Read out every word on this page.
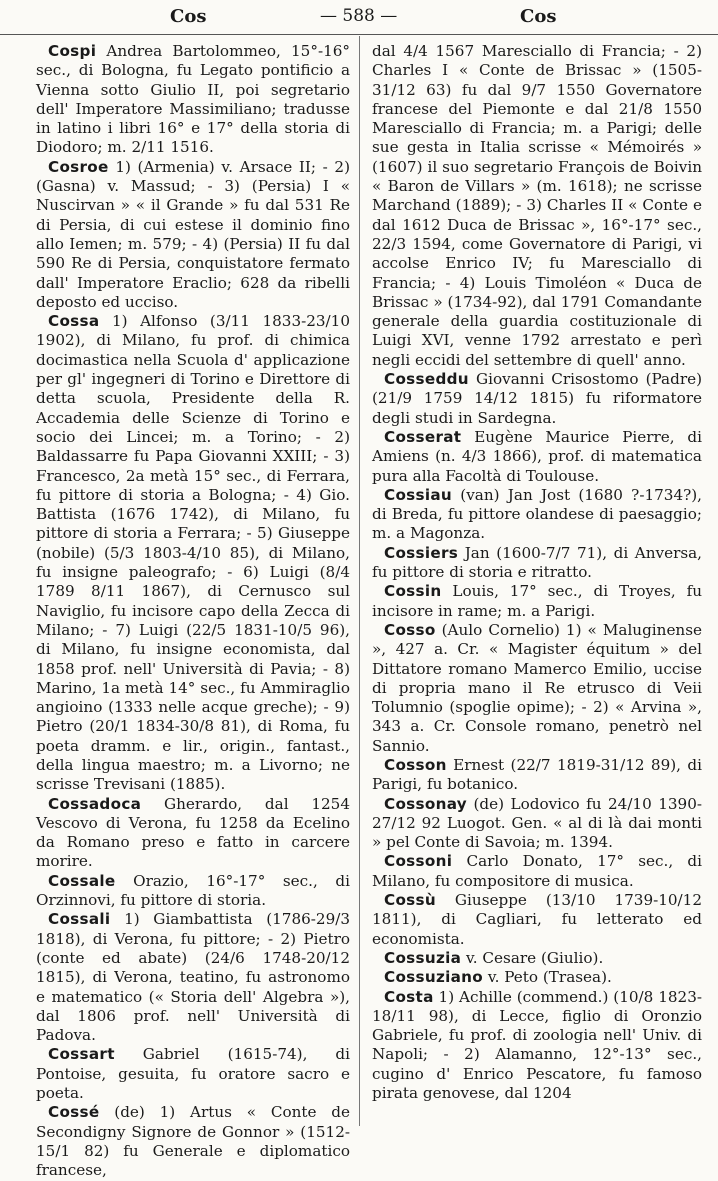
Cos	— 588 —	Cos

Cospi Andrea Bartolommeo, 15°-16° sec., di Bologna, fu Legato pontificio a Vienna sotto Giulio II, poi segretario dell' Imperatore Massimiliano; tradusse in latino i libri 16° e 17° della storia di Diodoro; m. 2/11 1516.

Cosroe 1) (Armenia) v. Arsace II; - 2) (Gasna) v. Massud; - 3) (Persia) I « Nuscirvan » « il Grande » fu dal 531 Re di Persia, di cui estese il dominio fino allo Iemen; m. 579; - 4) (Persia) II fu dal 590 Re di Persia, conquistatore fermato dall' Imperatore Eraclio; 628 da ribelli deposto ed ucciso.

Cossa 1) Alfonso (3/11 1833-23/10 1902), di Milano, fu prof. di chimica docimastica nella Scuola d' applicazione per gl' ingegneri di Torino e Direttore di detta scuola, Presidente della R. Accademia delle Scienze di Torino e socio dei Lincei; m. a Torino; - 2) Baldassarre fu Papa Giovanni XXIII; - 3) Francesco, 2a metà 15° sec., di Ferrara, fu pittore di storia a Bologna; - 4) Gio. Battista (1676 1742), di Milano, fu pittore di storia a Ferrara; - 5) Giuseppe (nobile) (5/3 1803-4/10 85), di Milano, fu insigne paleografo; - 6) Luigi (8/4 1789 8/11 1867), di Cernusco sul Naviglio, fu incisore capo della Zecca di Milano; - 7) Luigi (22/5 1831-10/5 96), di Milano, fu insigne economista, dal 1858 prof. nell' Università di Pavia; - 8) Marino, 1a metà 14° sec., fu Ammiraglio angioino (1333 nelle acque greche); - 9) Pietro (20/1 1834-30/8 81), di Roma, fu poeta dramm. e lir., origin., fantast., della lingua maestro; m. a Livorno; ne scrisse Trevisani (1885).

Cossadoca Gherardo, dal 1254 Vescovo di Verona, fu 1258 da Ecelino da Romano preso e fatto in carcere morire.

Cossale Orazio, 16°-17° sec., di Orzinnovi, fu pittore di storia.

Cossali 1) Giambattista (1786-29/3 1818), di Verona, fu pittore; - 2) Pietro (conte ed abate) (24/6 1748-20/12 1815), di Verona, teatino, fu astronomo e matematico (« Storia dell' Algebra »), dal 1806 prof. nell' Università di Padova.

Cossart Gabriel (1615-74), di Pontoise, gesuita, fu oratore sacro e poeta.

Cossé (de) 1) Artus « Conte de Secondigny Signore de Gonnor » (1512-15/1 82) fu Generale e diplomatico francese,

dal 4/4 1567 Maresciallo di Francia; - 2) Charles I « Conte de Brissac » (1505-31/12 63) fu dal 9/7 1550 Governatore francese del Piemonte e dal 21/8 1550 Maresciallo di Francia; m. a Parigi; delle sue gesta in Italia scrisse « Mémoirés » (1607) il suo segretario François de Boivin « Baron de Villars » (m. 1618); ne scrisse Marchand (1889); - 3) Charles II « Conte e dal 1612 Duca de Brissac », 16°-17° sec., 22/3 1594, come Governatore di Parigi, vi accolse Enrico IV; fu Maresciallo di Francia; - 4) Louis Timoléon « Duca de Brissac » (1734-92), dal 1791 Comandante generale della guardia costituzionale di Luigi XVI, venne 1792 arrestato e perì negli eccidi del settembre di quell' anno.

Cosseddu Giovanni Crisostomo (Padre) (21/9 1759 14/12 1815) fu riformatore degli studi in Sardegna.

Cosserat Eugène Maurice Pierre, di Amiens (n. 4/3 1866), prof. di matematica pura alla Facoltà di Toulouse.

Cossiau (van) Jan Jost (1680 ?-1734?), di Breda, fu pittore olandese di paesaggio; m. a Magonza.

Cossiers Jan (1600-7/7 71), di Anversa, fu pittore di storia e ritratto.

Cossin Louis, 17° sec., di Troyes, fu incisore in rame; m. a Parigi.

Cosso (Aulo Cornelio) 1) « Maluginense », 427 a. Cr. « Magister équitum » del Dittatore romano Mamerco Emilio, uccise di propria mano il Re etrusco di Veii Tolumnio (spoglie opime); - 2) « Arvina », 343 a. Cr. Console romano, penetrò nel Sannio.

Cosson Ernest (22/7 1819-31/12 89), di Parigi, fu botanico.

Cossonay (de) Lodovico fu 24/10 1390-27/12 92 Luogot. Gen. « al di là dai monti » pel Conte di Savoia; m. 1394.

Cossoni Carlo Donato, 17° sec., di Milano, fu compositore di musica.

Cossù Giuseppe (13/10 1739-10/12 1811), di Cagliari, fu letterato ed economista.

Cossuzia v. Cesare (Giulio).

Cossuziano v. Peto (Trasea).

Costa 1) Achille (commend.) (10/8 1823-18/11 98), di Lecce, figlio di Oronzio Gabriele, fu prof. di zoologia nell' Univ. di Napoli; - 2) Alamanno, 12°-13° sec., cugino d' Enrico Pescatore, fu famoso pirata genovese, dal 1204
